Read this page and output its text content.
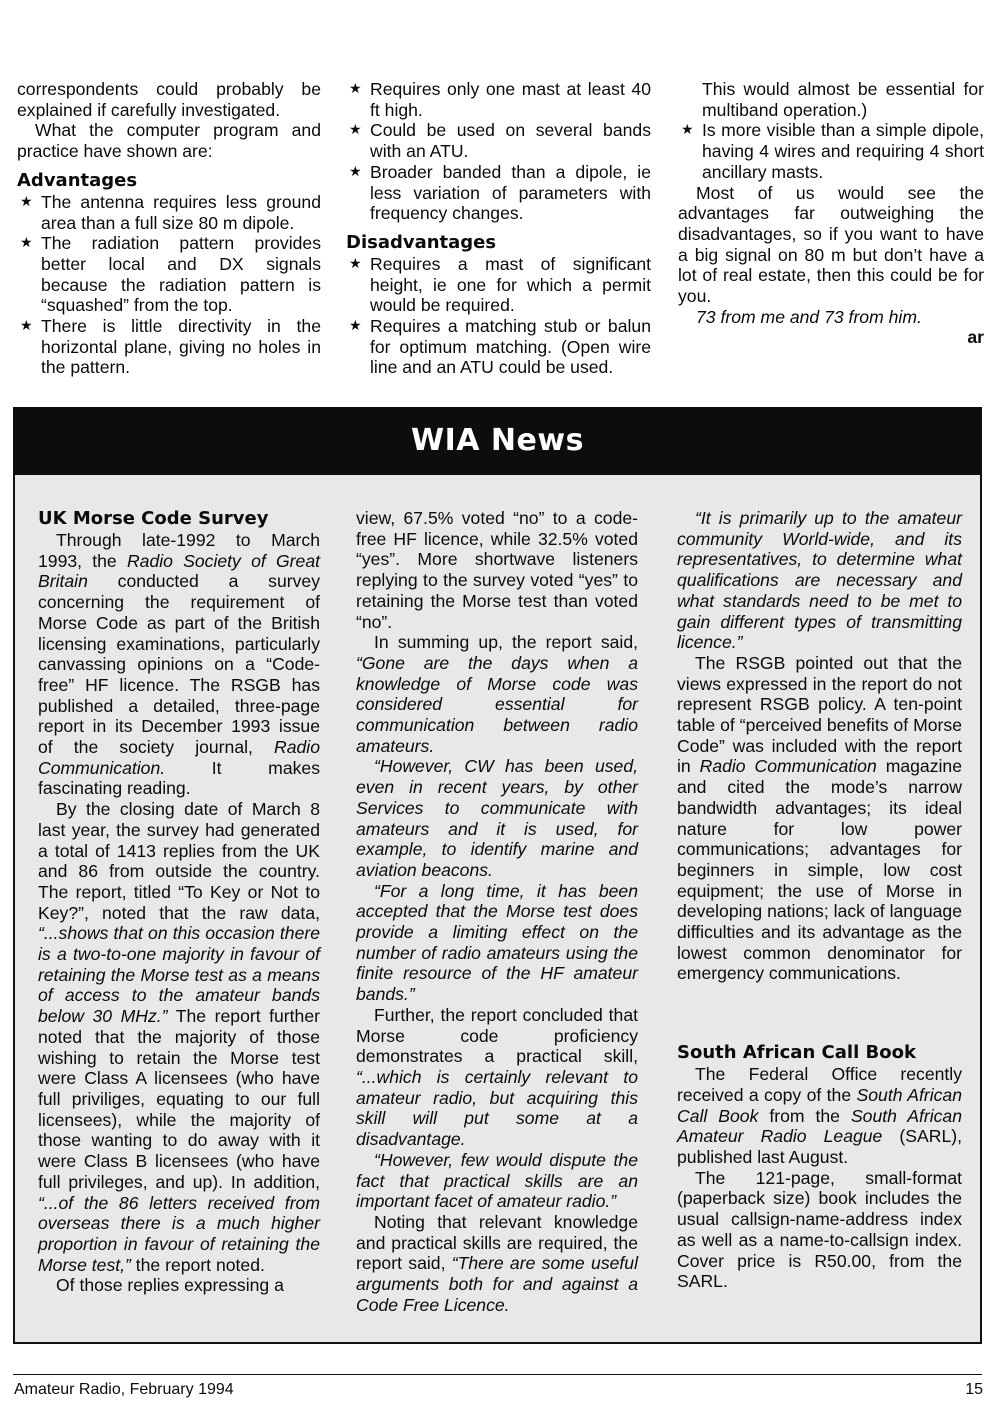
correspondents could probably be explained if carefully investigated.

What the computer program and practice have shown are:

Advantages

★ The antenna requires less ground area than a full size 80 m dipole.

★ The radiation pattern provides better local and DX signals because the radiation pattern is “squashed” from the top.

★ There is little directivity in the horizontal plane, giving no holes in the pattern.

★ Requires only one mast at least 40 ft high.

★ Could be used on several bands with an ATU.

★ Broader banded than a dipole, ie less variation of parameters with frequency changes.

Disadvantages

★ Requires a mast of significant height, ie one for which a permit would be required.

★ Requires a matching stub or balun for optimum matching. (Open wire line and an ATU could be used.

This would almost be essential for multiband operation.)

★ Is more visible than a simple dipole, having 4 wires and requiring 4 short ancillary masts.

Most of us would see the advantages far outweighing the disadvantages, so if you want to have a big signal on 80 m but don’t have a lot of real estate, then this could be for you.

73 from me and 73 from him.

ar

WIA News

UK Morse Code Survey

Through late-1992 to March 1993, the Radio Society of Great Britain conducted a survey concerning the requirement of Morse Code as part of the British licensing examinations, particularly canvassing opinions on a “Code-free” HF licence. The RSGB has published a detailed, three-page report in its December 1993 issue of the society journal, Radio Communication. It makes fascinating reading.

By the closing date of March 8 last year, the survey had generated a total of 1413 replies from the UK and 86 from outside the country. The report, titled “To Key or Not to Key?”, noted that the raw data, “...shows that on this occasion there is a two-to-one majority in favour of retaining the Morse test as a means of access to the amateur bands below 30 MHz.” The report further noted that the majority of those wishing to retain the Morse test were Class A licensees (who have full priviliges, equating to our full licensees), while the majority of those wanting to do away with it were Class B licensees (who have full privileges, and up). In addition, “...of the 86 letters received from overseas there is a much higher proportion in favour of retaining the Morse test,” the report noted.

Of those replies expressing a

view, 67.5% voted “no” to a code-free HF licence, while 32.5% voted “yes”. More shortwave listeners replying to the survey voted “yes” to retaining the Morse test than voted “no”.

In summing up, the report said, “Gone are the days when a knowledge of Morse code was considered essential for communication between radio amateurs.

“However, CW has been used, even in recent years, by other Services to communicate with amateurs and it is used, for example, to identify marine and aviation beacons.

“For a long time, it has been accepted that the Morse test does provide a limiting effect on the number of radio amateurs using the finite resource of the HF amateur bands.”

Further, the report concluded that Morse code proficiency demonstrates a practical skill, “...which is certainly relevant to amateur radio, but acquiring this skill will put some at a disadvantage.

“However, few would dispute the fact that practical skills are an important facet of amateur radio.”

Noting that relevant knowledge and practical skills are required, the report said, “There are some useful arguments both for and against a Code Free Licence.

“It is primarily up to the amateur community World-wide, and its representatives, to determine what qualifications are necessary and what standards need to be met to gain different types of transmitting licence.”

The RSGB pointed out that the views expressed in the report do not represent RSGB policy. A ten-point table of “perceived benefits of Morse Code” was included with the report in Radio Communication magazine and cited the mode’s narrow bandwidth advantages; its ideal nature for low power communications; advantages for beginners in simple, low cost equipment; the use of Morse in developing nations; lack of language difficulties and its advantage as the lowest common denominator for emergency communications.

South African Call Book

The Federal Office recently received a copy of the South African Call Book from the South African Amateur Radio League (SARL), published last August.

The 121-page, small-format (paperback size) book includes the usual callsign-name-address index as well as a name-to-callsign index. Cover price is R50.00, from the SARL.

Amateur Radio, February 1994	15
